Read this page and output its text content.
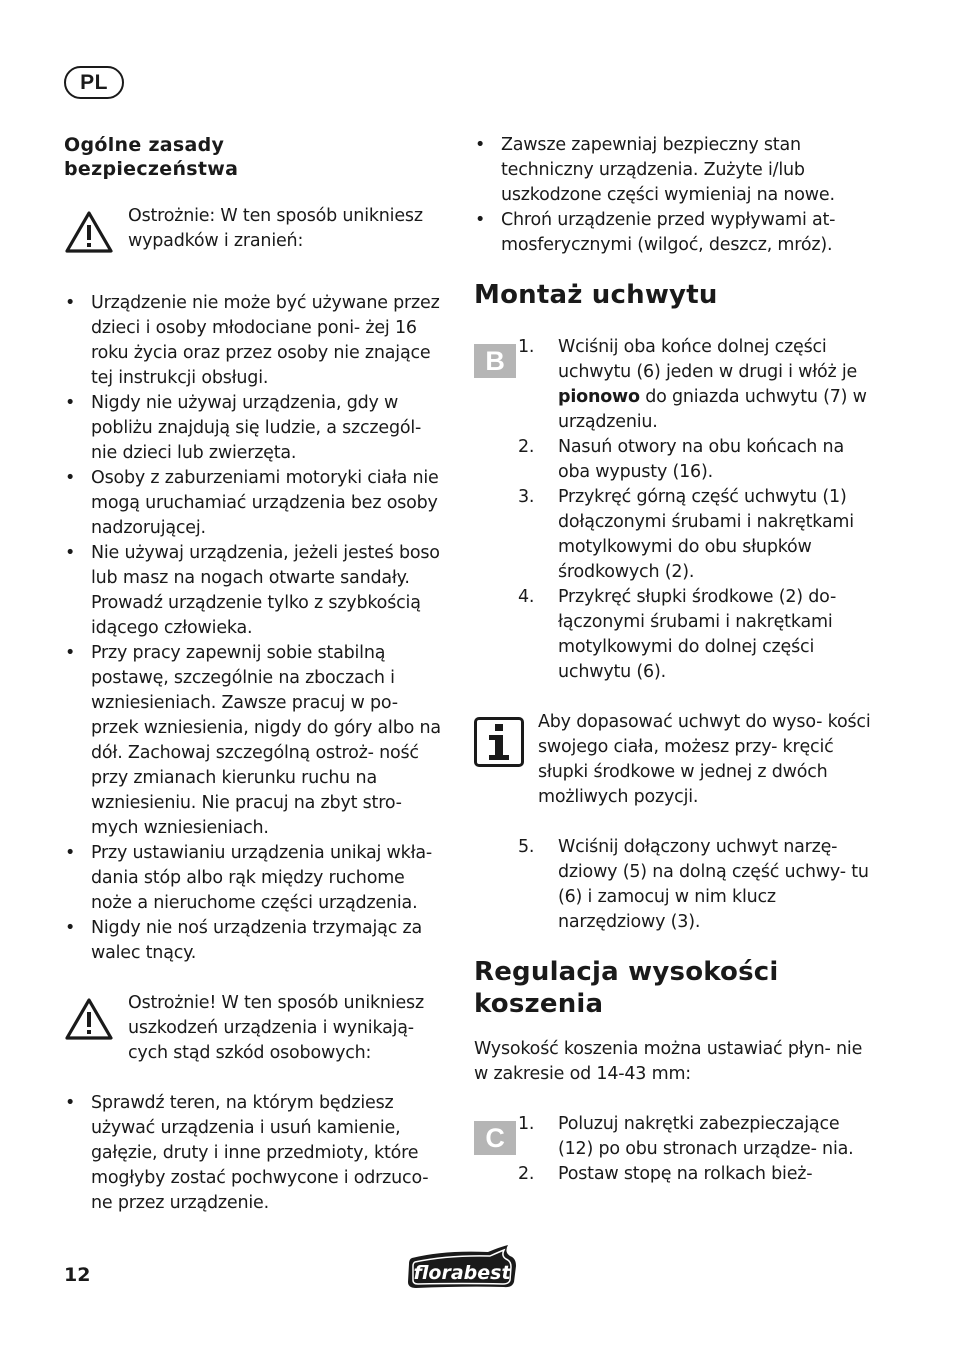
PL
Ogólne zasady
bezpieczeństwa
Ostrożnie: W ten sposób unikniesz wypadków i zranień:
• Urządzenie nie może być używane przez dzieci i osoby młodociane poni- żej 16 roku życia oraz przez osoby nie znające tej instrukcji obsługi.
• Nigdy nie używaj urządzenia, gdy w pobliżu znajdują się ludzie, a szczegól- nie dzieci lub zwierzęta.
• Osoby z zaburzeniami motoryki ciała nie mogą uruchamiać urządzenia bez osoby nadzorującej.
• Nie używaj urządzenia, jeżeli jesteś boso lub masz na nogach otwarte sandały. Prowadź urządzenie tylko z szybkością idącego człowieka.
• Przy pracy zapewnij sobie stabilną postawę, szczególnie na zboczach i wzniesieniach. Zawsze pracuj w po- przek wzniesienia, nigdy do góry albo na dół. Zachowaj szczególną ostroż- ność przy zmianach kierunku ruchu na wzniesieniu. Nie pracuj na zbyt stro- mych wzniesieniach.
• Przy ustawianiu urządzenia unikaj wkła- dania stóp albo rąk między ruchome noże a nieruchome części urządzenia.
• Nigdy nie noś urządzenia trzymając za walec tnący.
Ostrożnie! W ten sposób unikniesz uszkodzeń urządzenia i wynikają- cych stąd szkód osobowych:
• Sprawdź teren, na którym będziesz używać urządzenia i usuń kamienie, gałęzie, druty i inne przedmioty, które mogłyby zostać pochwycone i odrzuco- ne przez urządzenie.
• Zawsze zapewniaj bezpieczny stan techniczny urządzenia. Zużyte i/lub uszkodzone części wymieniaj na nowe.
• Chroń urządzenie przed wypływami at- mosferycznymi (wilgoć, deszcz, mróz).
Montaż uchwytu
B 1. Wciśnij oba końce dolnej części uchwytu (6) jeden w drugi i włóż je pionowo do gniazda uchwytu (7) w urządzeniu.
2. Nasuń otwory na obu końcach na oba wypusty (16).
3. Przykręć górną część uchwytu (1) dołączonymi śrubami i nakrętkami motylkowymi do obu słupków środkowych (2).
4. Przykręć słupki środkowe (2) do- łączonymi śrubami i nakrętkami motylkowymi do dolnej części uchwytu (6).
Aby dopasować uchwyt do wyso- kości swojego ciała, możesz przy- kręcić słupki środkowe w jednej z dwóch możliwych pozycji.
5. Wciśnij dołączony uchwyt narzę- dziowy (5) na dolną część uchwy- tu (6) i zamocuj w nim klucz narzędziowy (3).
Regulacja wysokości
koszenia

Wysokość koszenia można ustawiać płyn- nie w zakresie od 14-43 mm:

C 1. Poluzuj nakrętki zabezpieczające (12) po obu stronach urządze- nia.
2. Postaw stopę na rolkach bież-
12	florabest
